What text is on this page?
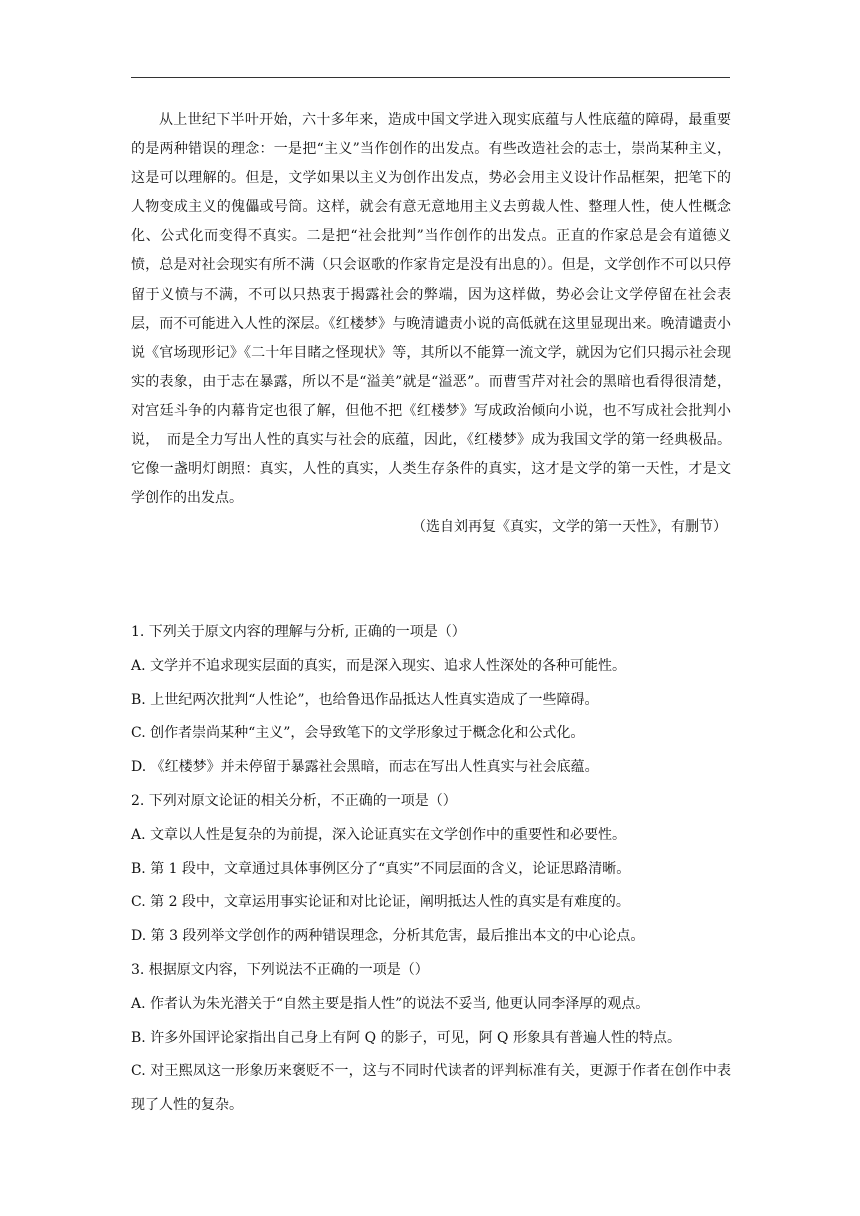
从上世纪下半叶开始，六十多年来，造成中国文学进入现实底蕴与人性底蕴的障碍，最重要的是两种错误的理念：一是把“主义”当作创作的出发点。有些改造社会的志士，崇尚某种主义，这是可以理解的。但是，文学如果以主义为创作出发点，势必会用主义设计作品框架，把笔下的人物变成主义的傀儡或号筒。这样，就会有意无意地用主义去剪裁人性、整理人性，使人性概念化、公式化而变得不真实。二是把“社会批判”当作创作的出发点。正直的作家总是会有道德义愤，总是对社会现实有所不满（只会讴歌的作家肯定是没有出息的）。但是，文学创作不可以只停留于义愤与不满，不可以只热衷于揭露社会的弊端，因为这样做，势必会让文学停留在社会表层，而不可能进入人性的深层。《红楼梦》与晚清谴责小说的高低就在这里显现出来。晚清谴责小说《官场现形记》《二十年目睹之怪现状》等，其所以不能算一流文学，就因为它们只揭示社会现实的表象，由于志在暴露，所以不是“溢美”就是“溢恶”。而曹雪芹对社会的黑暗也看得很清楚，对宫廷斗争的内幕肯定也很了解，但他不把《红楼梦》写成政治倾向小说，也不写成社会批判小说，　而是全力写出人性的真实与社会的底蕴，因此，《红楼梦》成为我国文学的第一经典极品。它像一盏明灯朗照：真实，人性的真实，人类生存条件的真实，这才是文学的第一天性，才是文学创作的出发点。

（选自刘再复《真实，文学的第一天性》，有删节）

1. 下列关于原文内容的理解与分析, 正确的一项是（）

A. 文学并不追求现实层面的真实，而是深入现实、追求人性深处的各种可能性。

B. 上世纪两次批判“人性论”，也给鲁迅作品抵达人性真实造成了一些障碍。

C. 创作者崇尚某种“主义”，会导致笔下的文学形象过于概念化和公式化。

D. 《红楼梦》并未停留于暴露社会黑暗，而志在写出人性真实与社会底蕴。

2. 下列对原文论证的相关分析，不正确的一项是（）

A. 文章以人性是复杂的为前提，深入论证真实在文学创作中的重要性和必要性。

B. 第 1 段中，文章通过具体事例区分了“真实”不同层面的含义，论证思路清晰。

C. 第 2 段中，文章运用事实论证和对比论证，阐明抵达人性的真实是有难度的。

D. 第 3 段列举文学创作的两种错误理念，分析其危害，最后推出本文的中心论点。

3. 根据原文内容，下列说法不正确的一项是（）

A. 作者认为朱光潜关于“自然主要是指人性”的说法不妥当, 他更认同李泽厚的观点。

B. 许多外国评论家指出自己身上有阿 Q 的影子，可见，阿 Q 形象具有普遍人性的特点。

C. 对王熙凤这一形象历来褒贬不一，这与不同时代读者的评判标准有关，更源于作者在创作中表现了人性的复杂。
